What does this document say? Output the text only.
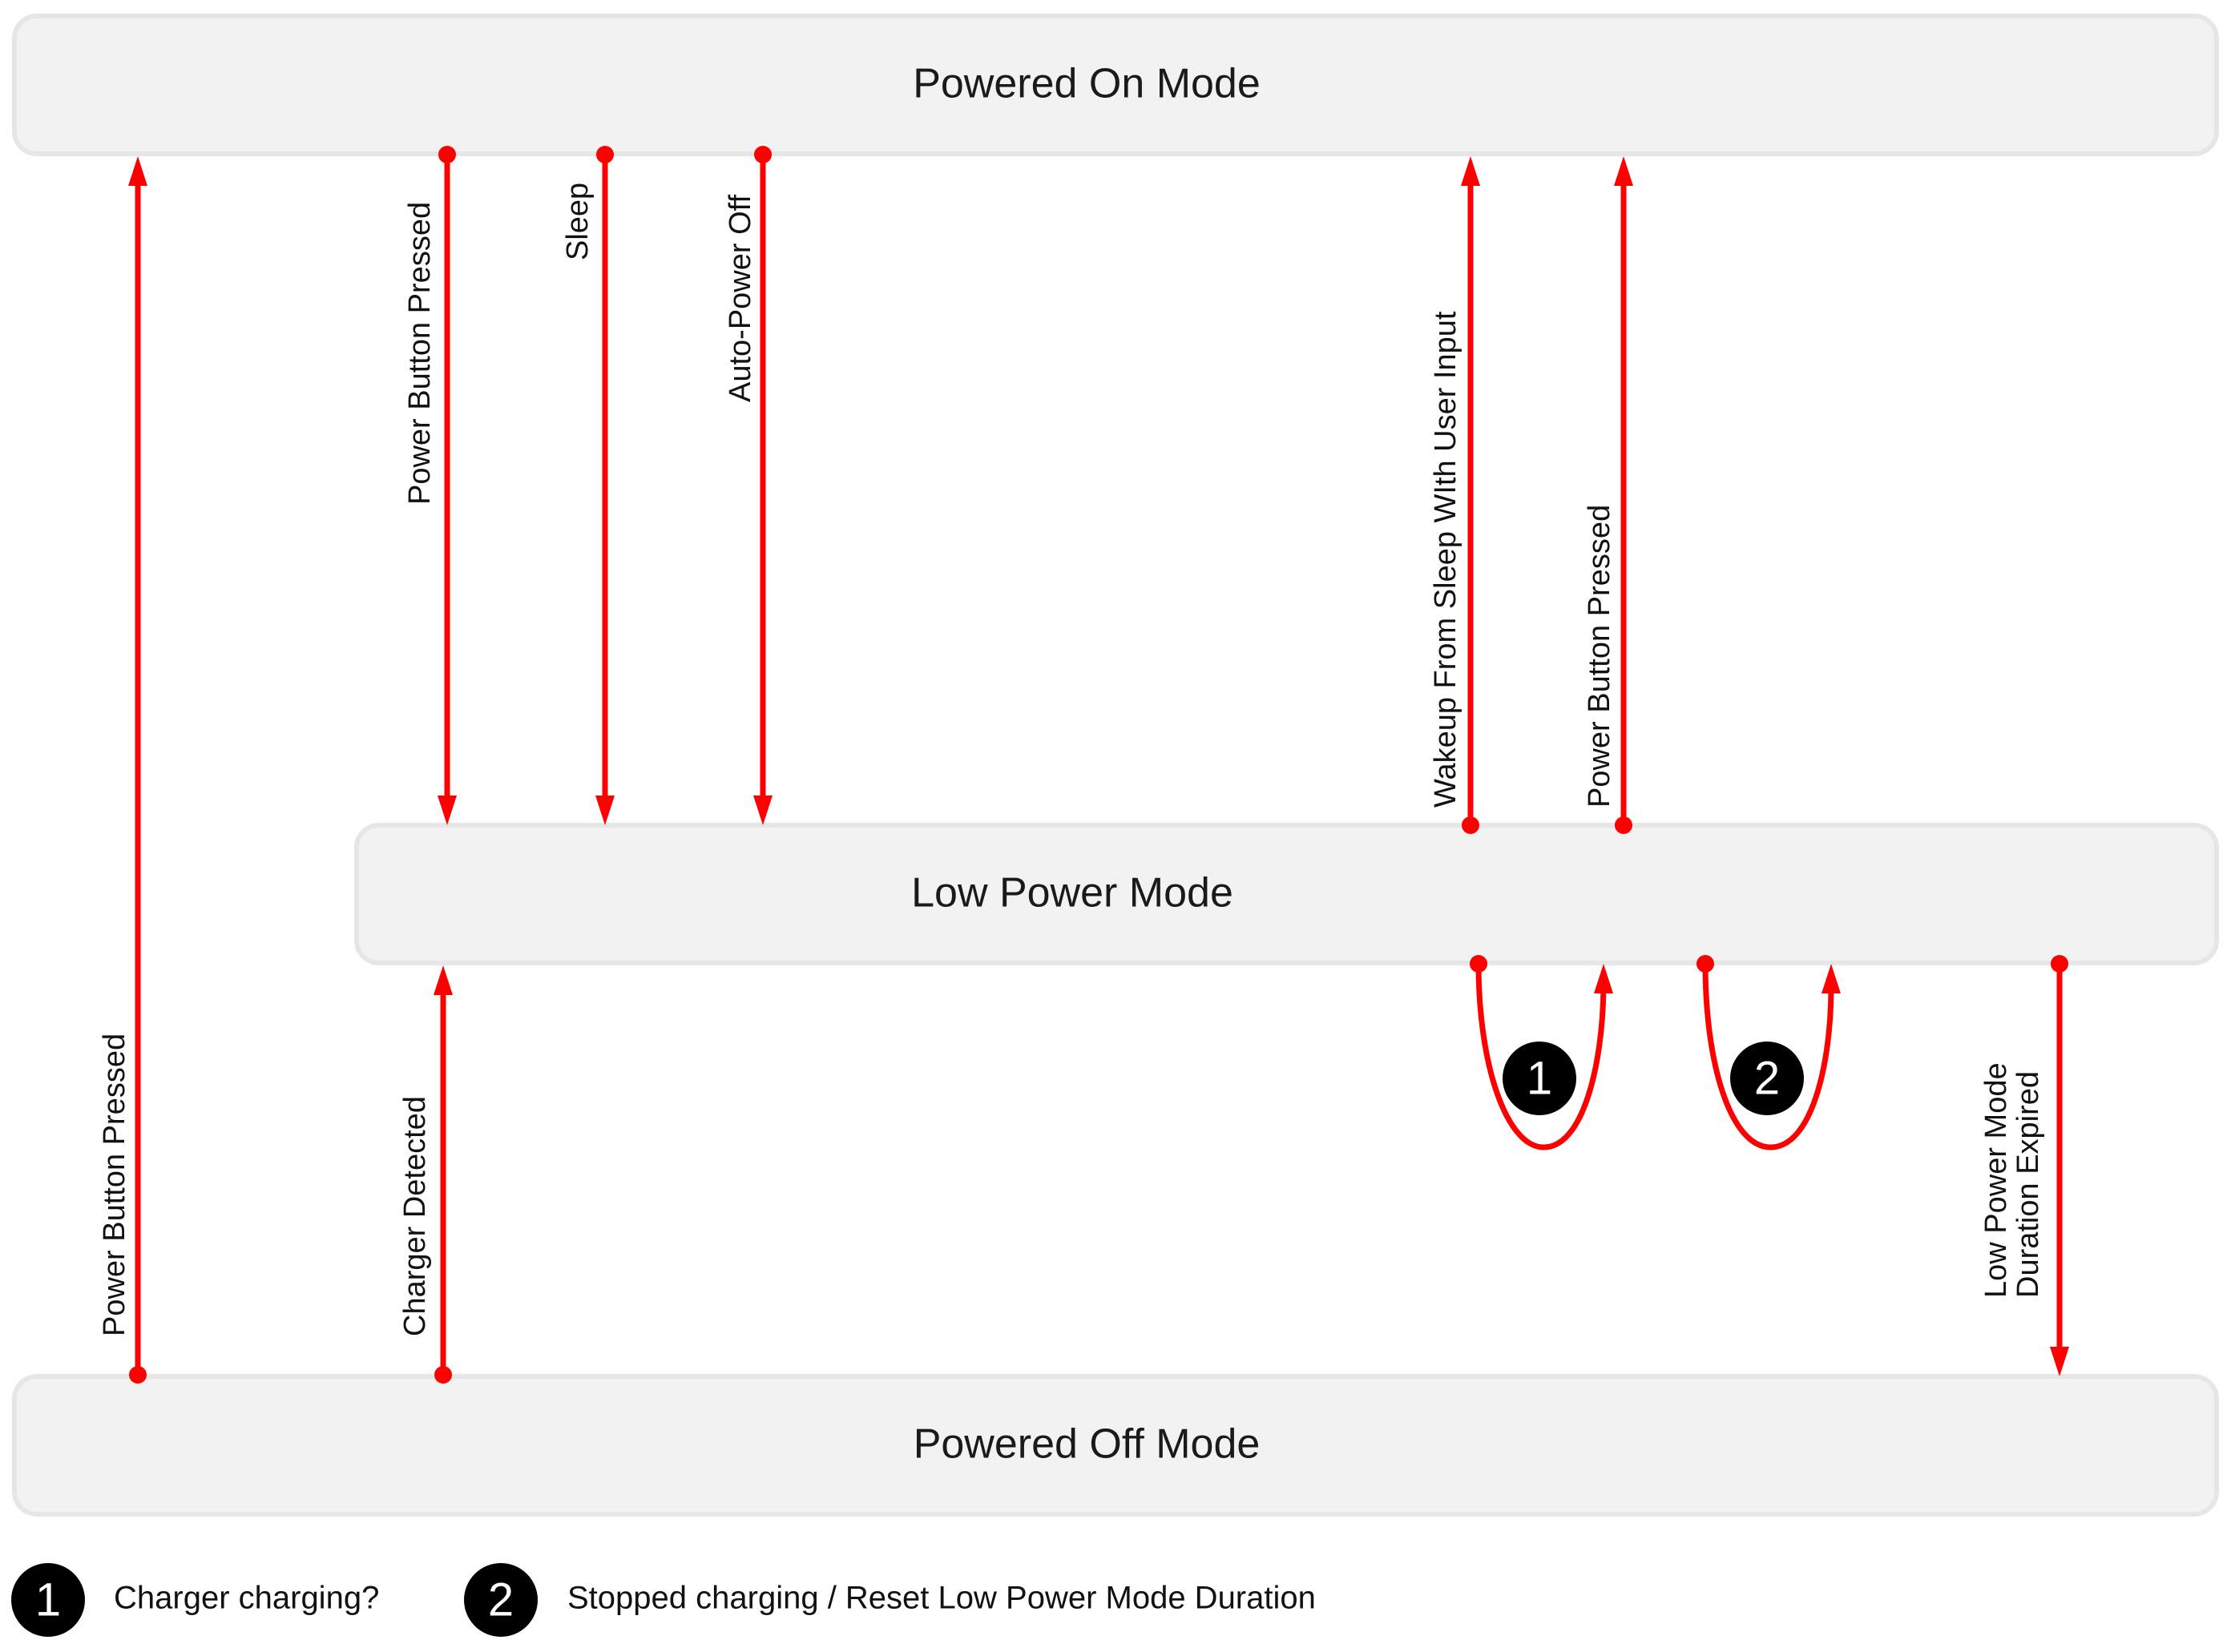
Powered On Mode
Low Power Mode
Powered Off Mode
Power Button Pressed
Power Button Pressed	Sleep	Auto-Power Off
Wakeup From Sleep WIth User Input	Power Button Pressed
Charger Detected	Low Power Mode
Duration Expired
1	2
1 Charger charging? 2 Stopped charging / Reset Low Power Mode Duration
